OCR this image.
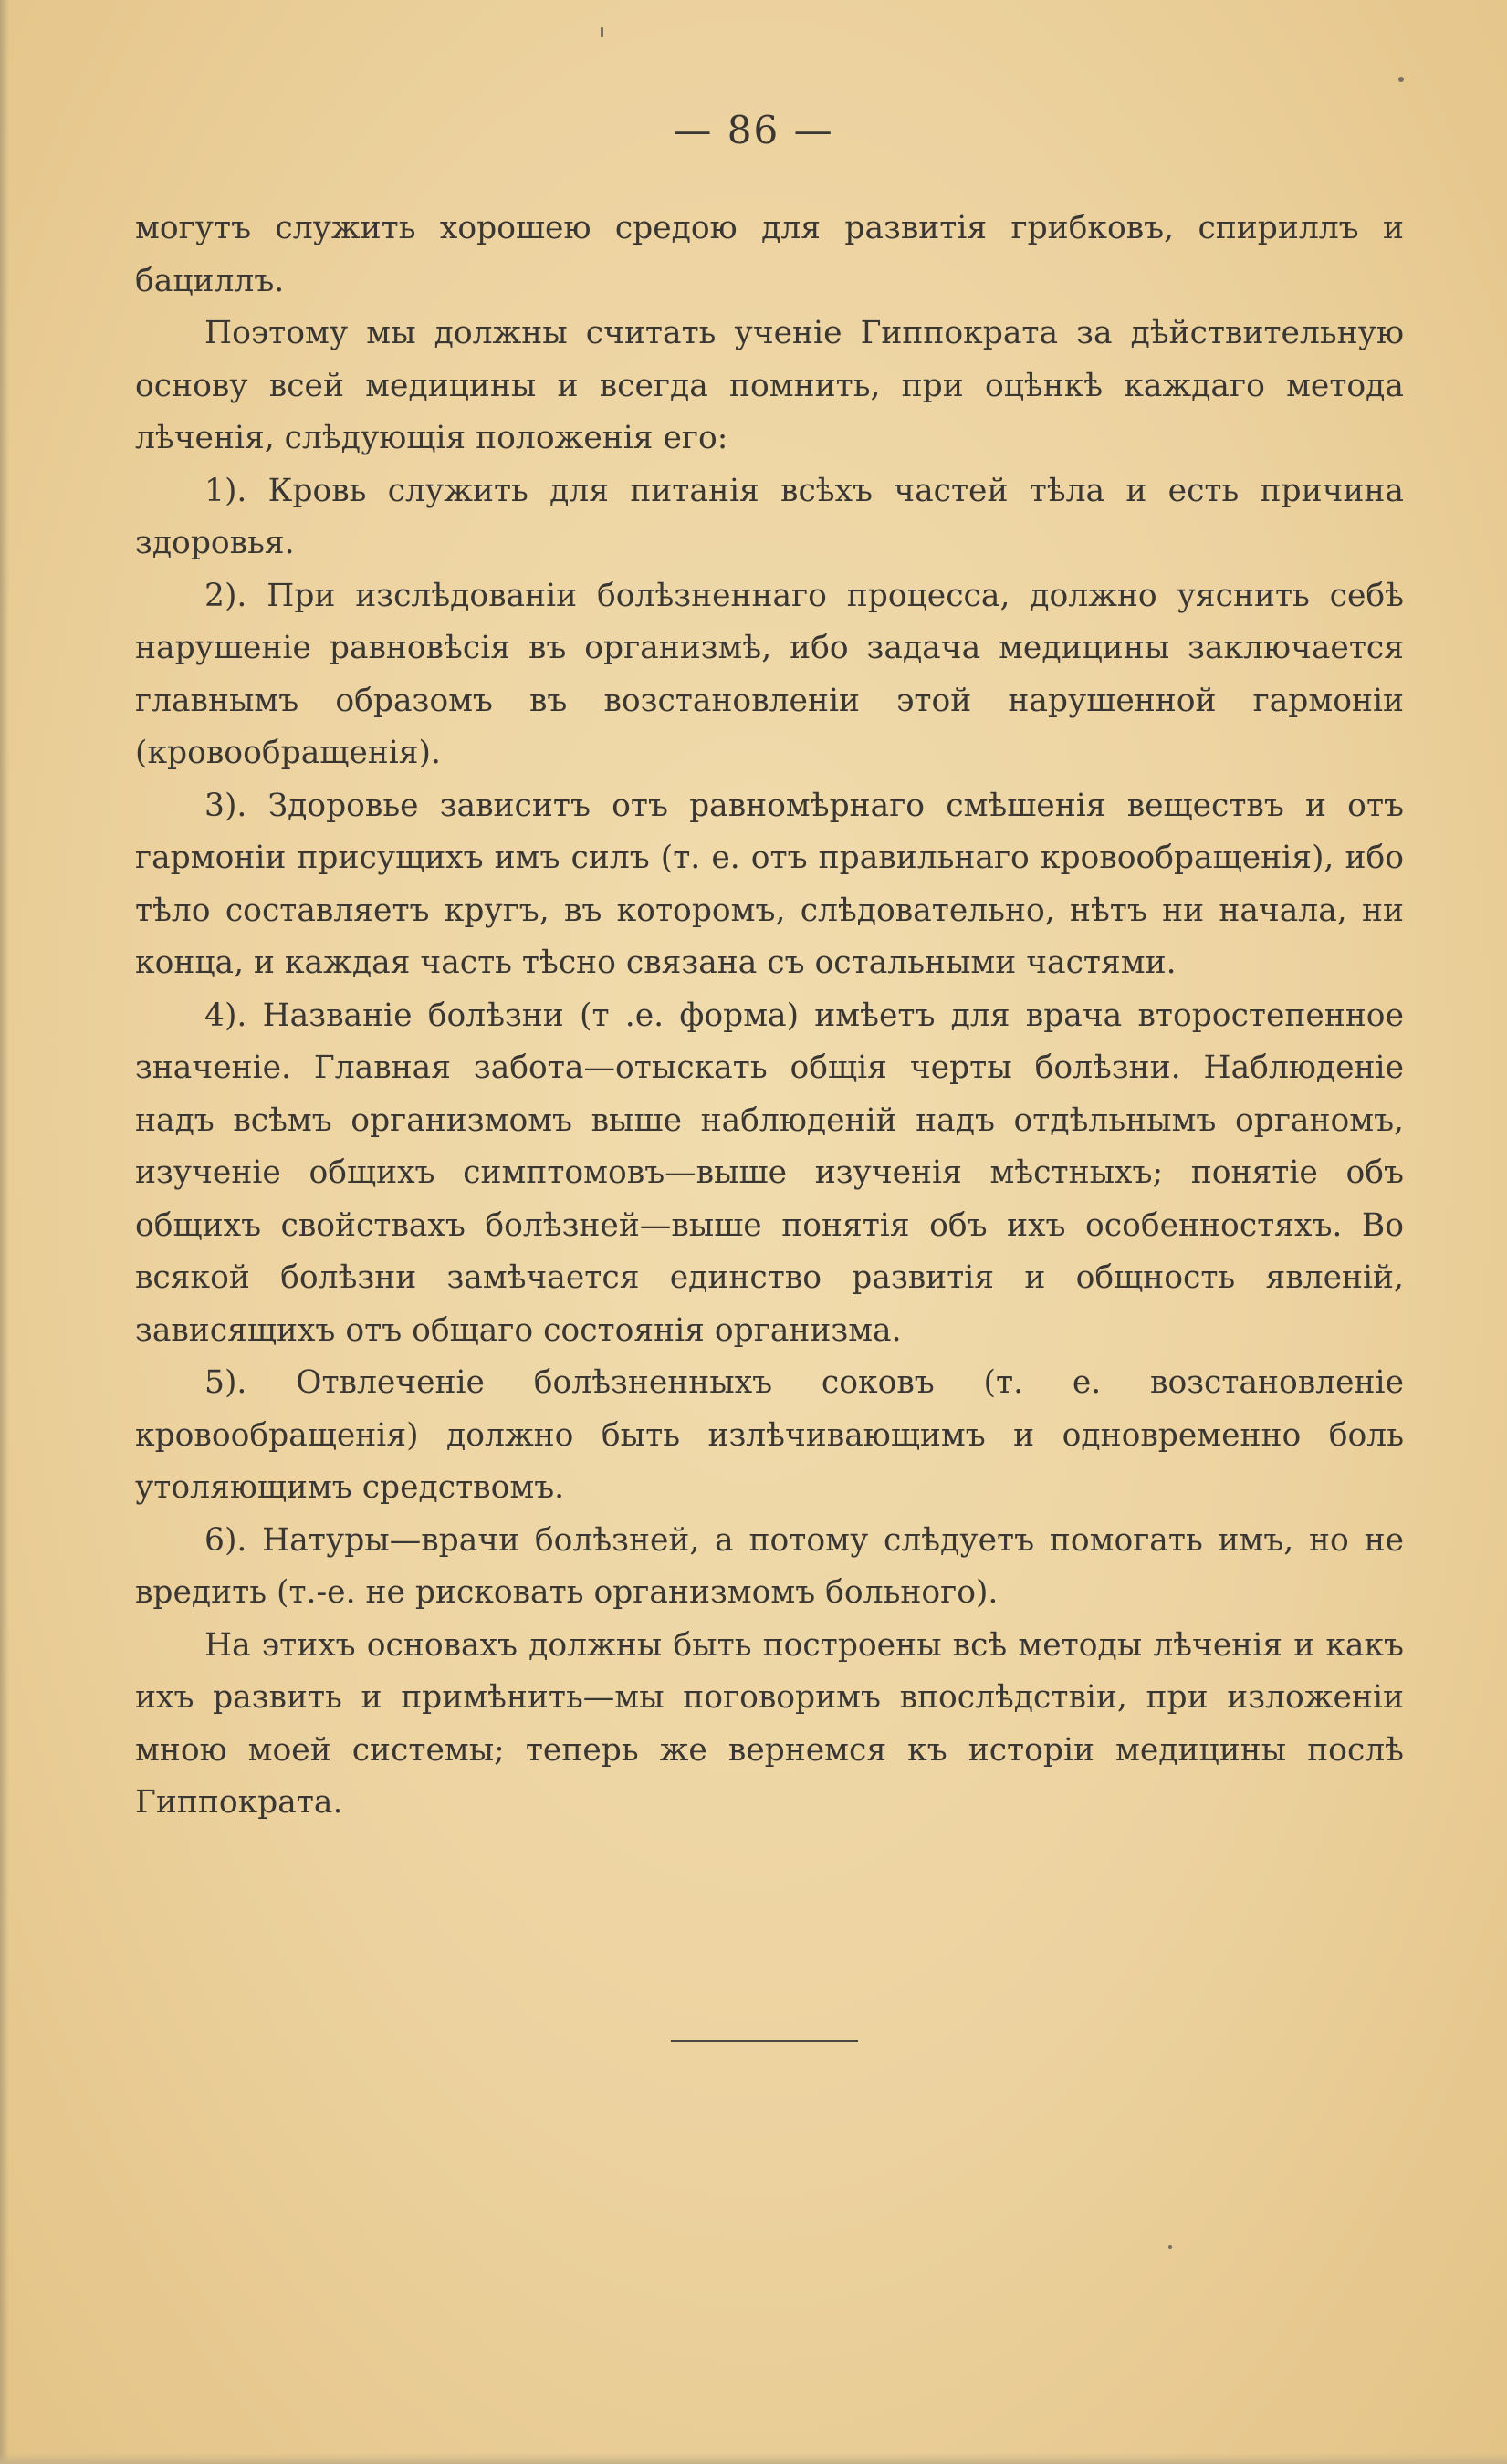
— 86 —

могутъ служить хорошею средою для развитія грибковъ, спириллъ и бациллъ.

Поэтому мы должны считать ученіе Гиппократа за дѣйствительную основу всей медицины и всегда помнить, при оцѣнкѣ каждаго метода лѣченія, слѣдующія положенія его:

1). Кровь служить для питанія всѣхъ частей тѣла и есть причина здоровья.

2). При изслѣдованіи болѣзненнаго процесса, должно уяснить себѣ нарушеніе равновѣсія въ организмѣ, ибо задача медицины заключается главнымъ образомъ въ возстановленіи этой нарушенной гармоніи (кровообращенія).

3). Здоровье зависитъ отъ равномѣрнаго смѣшенія веществъ и отъ гармоніи присущихъ имъ силъ (т. е. отъ правильнаго кровообращенія), ибо тѣло составляетъ кругъ, въ которомъ, слѣдовательно, нѣтъ ни начала, ни конца, и каждая часть тѣсно связана съ остальными частями.

4). Названіе болѣзни (т .е. форма) имѣетъ для врача второстепенное значеніе. Главная забота—отыскать общія черты болѣзни. Наблюденіе надъ всѣмъ организмомъ выше наблюденій надъ отдѣльнымъ органомъ, изученіе общихъ симптомовъ—выше изученія мѣстныхъ; понятіе объ общихъ свойствахъ болѣзней—выше понятія объ ихъ особенностяхъ. Во всякой болѣзни замѣчается единство развитія и общность явленій, зависящихъ отъ общаго состоянія организма.

5). Отвлеченіе болѣзненныхъ соковъ (т. е. возстановленіе кровообращенія) должно быть излѣчивающимъ и одновременно боль утоляющимъ средствомъ.

6). Натуры—врачи болѣзней, а потому слѣдуетъ помогать имъ, но не вредить (т.-е. не рисковать организмомъ больного).

На этихъ основахъ должны быть построены всѣ методы лѣченія и какъ ихъ развить и примѣнить—мы поговоримъ впослѣдствіи, при изложеніи мною моей системы; теперь же вернемся къ исторіи медицины послѣ Гиппократа.
